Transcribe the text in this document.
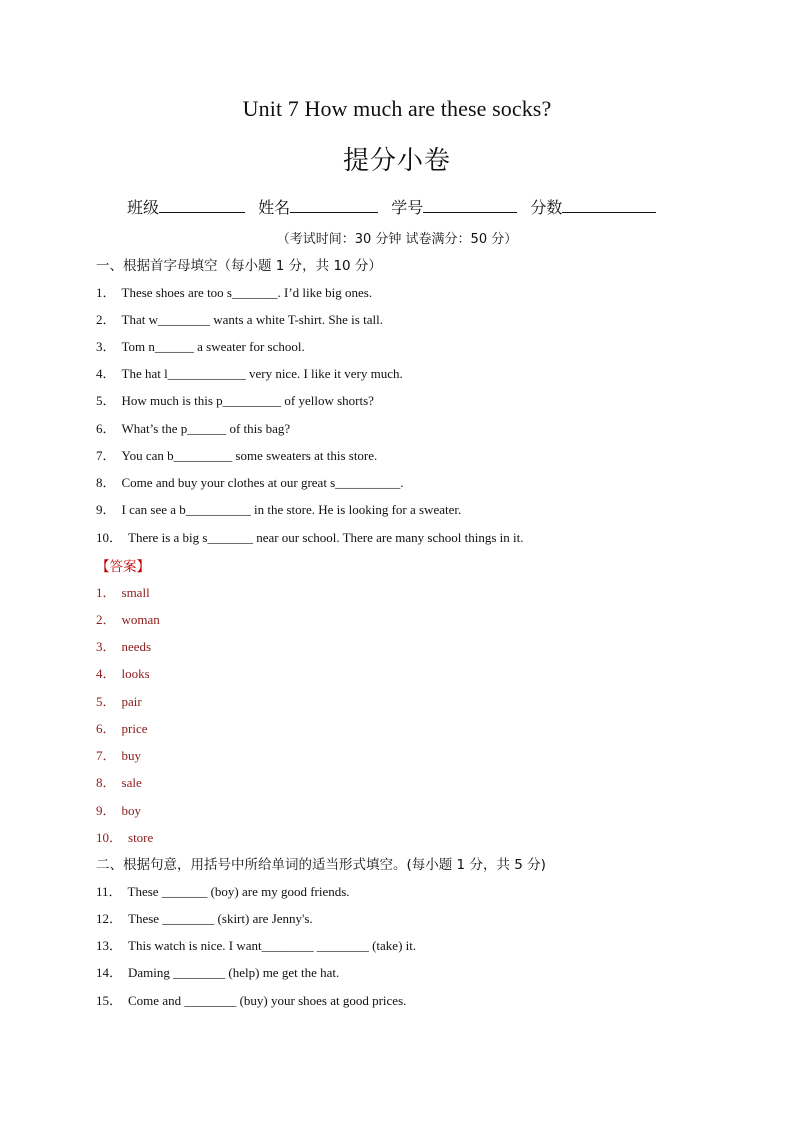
Unit 7 How much are these socks?
提分小卷
班级	姓名	学号	分数
（考试时间：30 分钟 试卷满分：50 分）
一、根据首字母填空（每小题 1 分，共 10 分）
1． These shoes are too s_______. I’d like big ones.
2． That w________ wants a white T-shirt. She is tall.
3． Tom n______ a sweater for school.
4． The hat l____________ very nice. I like it very much.
5． How much is this p_________ of yellow shorts?
6． What’s the p______ of this bag?
7． You can b_________ some sweaters at this store.
8． Come and buy your clothes at our great s__________.
9． I can see a b__________ in the store. He is looking for a sweater.
10． There is a big s_______ near our school. There are many school things in it.
【答案】
1． small
2． woman
3． needs
4． looks
5． pair
6． price
7． buy
8． sale
9． boy
10． store
二、根据句意，用括号中所给单词的适当形式填空。(每小题 1 分，共 5 分)
11． These _______ (boy) are my good friends.
12． These ________ (skirt) are Jenny's.
13． This watch is nice. I want________ ________ (take) it.
14． Daming ________ (help) me get the hat.
15． Come and ________ (buy) your shoes at good prices.
